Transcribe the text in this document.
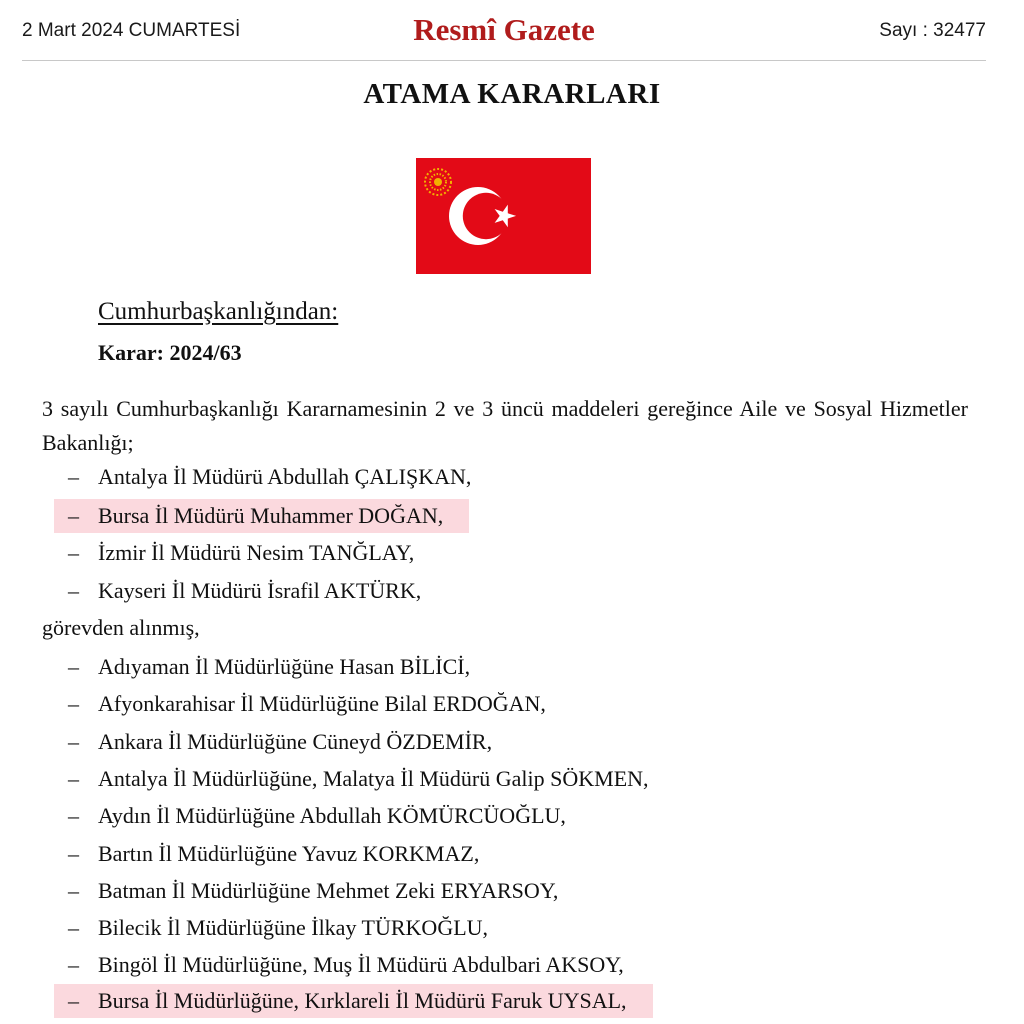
2 Mart 2024 CUMARTESİ	Resmî Gazete	Sayı : 32477
ATAMA KARARLARI
Cumhurbaşkanlığından:
Karar: 2024/63
3 sayılı Cumhurbaşkanlığı Kararnamesinin 2 ve 3 üncü maddeleri gereğince Aile ve Sosyal Hizmetler Bakanlığı;
– Antalya İl Müdürü Abdullah ÇALIŞKAN,
– Bursa İl Müdürü Muhammer DOĞAN,
– İzmir İl Müdürü Nesim TANĞLAY,
– Kayseri İl Müdürü İsrafil AKTÜRK,
görevden alınmış,
– Adıyaman İl Müdürlüğüne Hasan BİLİCİ,
– Afyonkarahisar İl Müdürlüğüne Bilal ERDOĞAN,
– Ankara İl Müdürlüğüne Cüneyd ÖZDEMİR,
– Antalya İl Müdürlüğüne, Malatya İl Müdürü Galip SÖKMEN,
– Aydın İl Müdürlüğüne Abdullah KÖMÜRCÜOĞLU,
– Bartın İl Müdürlüğüne Yavuz KORKMAZ,
– Batman İl Müdürlüğüne Mehmet Zeki ERYARSOY,
– Bilecik İl Müdürlüğüne İlkay TÜRKOĞLU,
– Bingöl İl Müdürlüğüne, Muş İl Müdürü Abdulbari AKSOY,
– Bursa İl Müdürlüğüne, Kırklareli İl Müdürü Faruk UYSAL,
